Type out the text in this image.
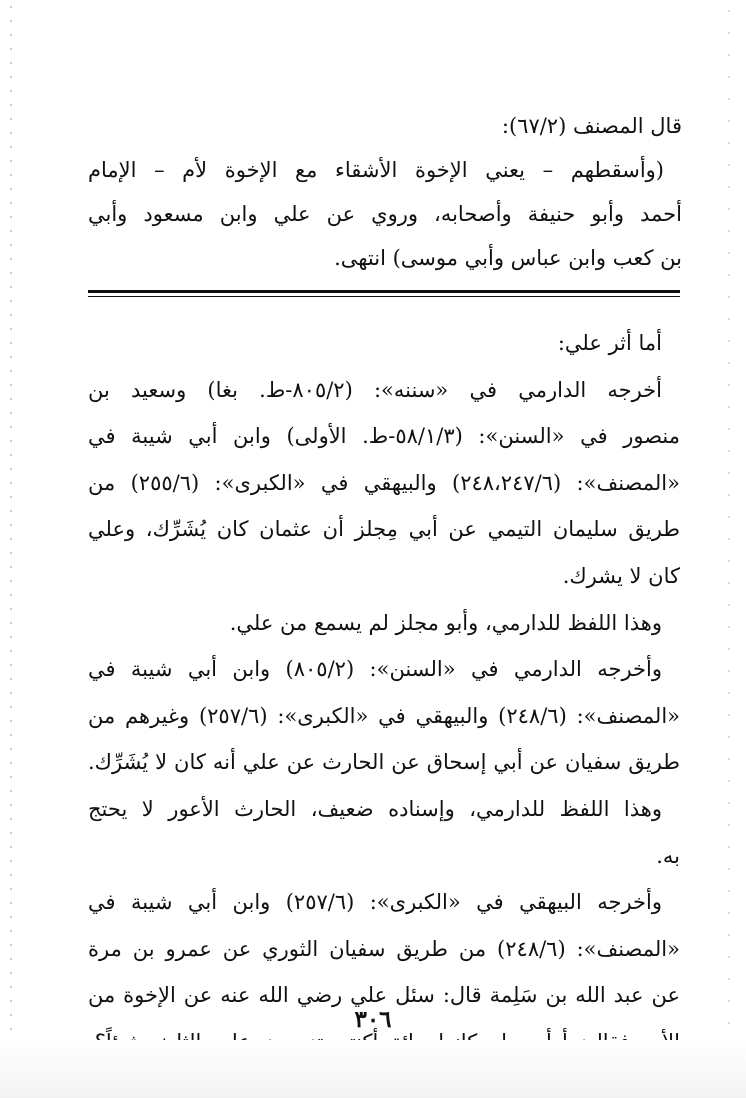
قال المصنف (٦٧/٢):
(وأسقطهم – يعني الإخوة الأشقاء مع الإخوة لأم – الإمام
أحمد وأبو حنيفة وأصحابه، وروي عن علي وابن مسعود وأبي
بن كعب وابن عباس وأبي موسى) انتهى.
أما أثر علي:
أخرجه الدارمي في «سننه»: (٨٠٥/٢-ط. بغا) وسعيد بن
منصور في «السنن»: (٥٨/١/٣-ط. الأولى) وابن أبي شيبة في
«المصنف»: (٢٤٨،٢٤٧/٦) والبيهقي في «الكبرى»: (٢٥٥/٦) من
طريق سليمان التيمي عن أبي مِجلز أن عثمان كان يُشَرِّك، وعلي
كان لا يشرك.
وهذا اللفظ للدارمي، وأبو مجلز لم يسمع من علي.
وأخرجه الدارمي في «السنن»: (٨٠٥/٢) وابن أبي شيبة في
«المصنف»: (٢٤٨/٦) والبيهقي في «الكبرى»: (٢٥٧/٦) وغيرهم من
طريق سفيان عن أبي إسحاق عن الحارث عن علي أنه كان لا يُشَرِّك.
وهذا اللفظ للدارمي، وإسناده ضعيف، الحارث الأعور لا يحتج
به.
وأخرجه البيهقي في «الكبرى»: (٢٥٧/٦) وابن أبي شيبة في
«المصنف»: (٢٤٨/٦) من طريق سفيان الثوري عن عمرو بن مرة
عن عبد الله بن سَلِمة قال: سئل علي رضي الله عنه عن الإخوة من
٣٠٦
